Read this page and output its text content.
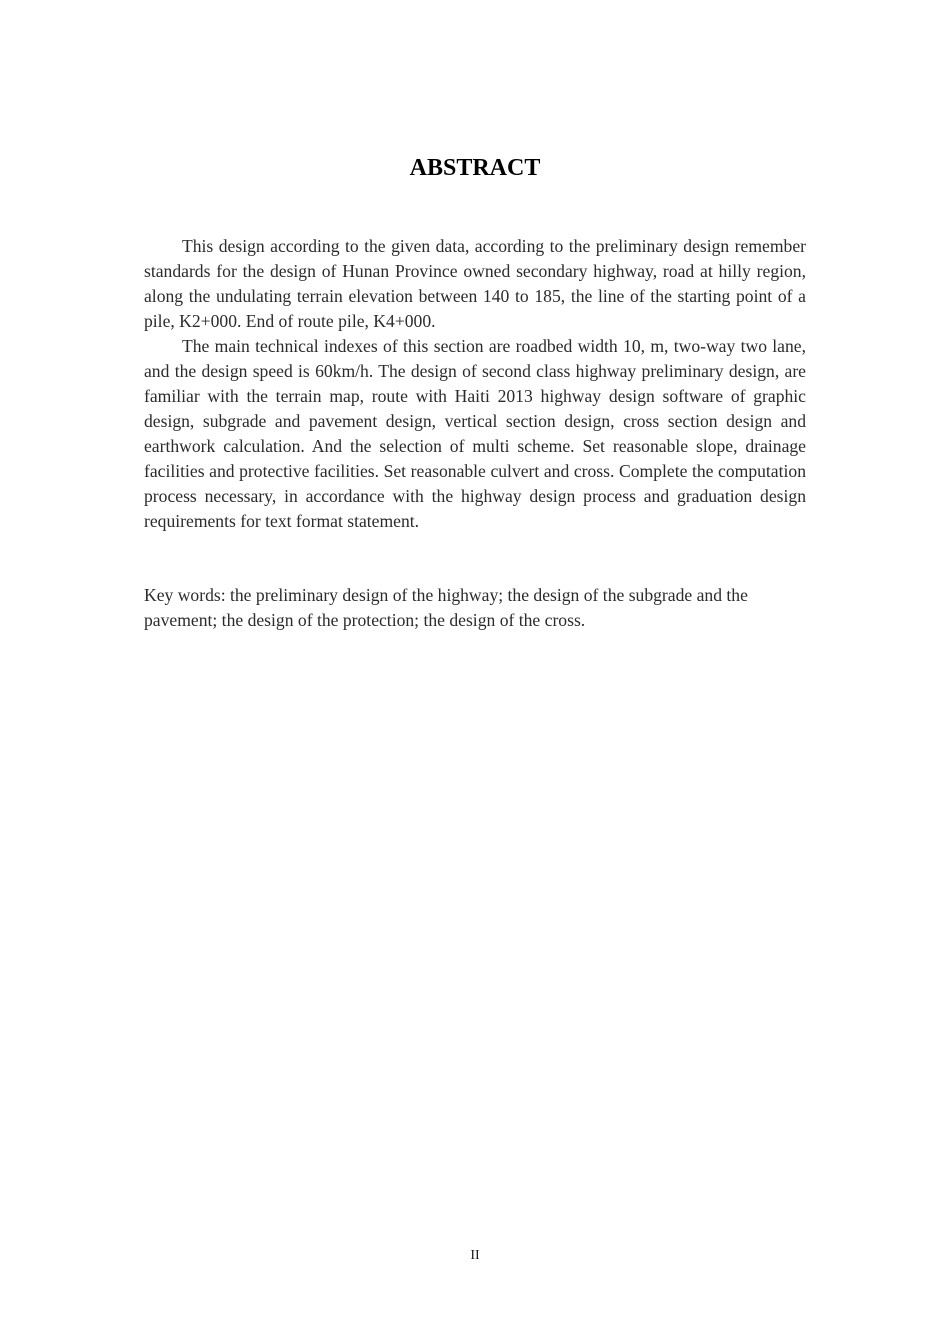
ABSTRACT

This design according to the given data, according to the preliminary design remember standards for the design of Hunan Province owned secondary highway, road at hilly region, along the undulating terrain elevation between 140 to 185, the line of the starting point of a pile, K2+000. End of route pile, K4+000.

The main technical indexes of this section are roadbed width 10, m, two-way two lane, and the design speed is 60km/h. The design of second class highway preliminary design, are familiar with the terrain map, route with Haiti 2013 highway design software of graphic design, subgrade and pavement design, vertical section design, cross section design and earthwork calculation. And the selection of multi scheme. Set reasonable slope, drainage facilities and protective facilities. Set reasonable culvert and cross. Complete the computation process necessary, in accordance with the highway design process and graduation design requirements for text format statement.

Key words: the preliminary design of the highway; the design of the subgrade and the pavement; the design of the protection; the design of the cross.

II
